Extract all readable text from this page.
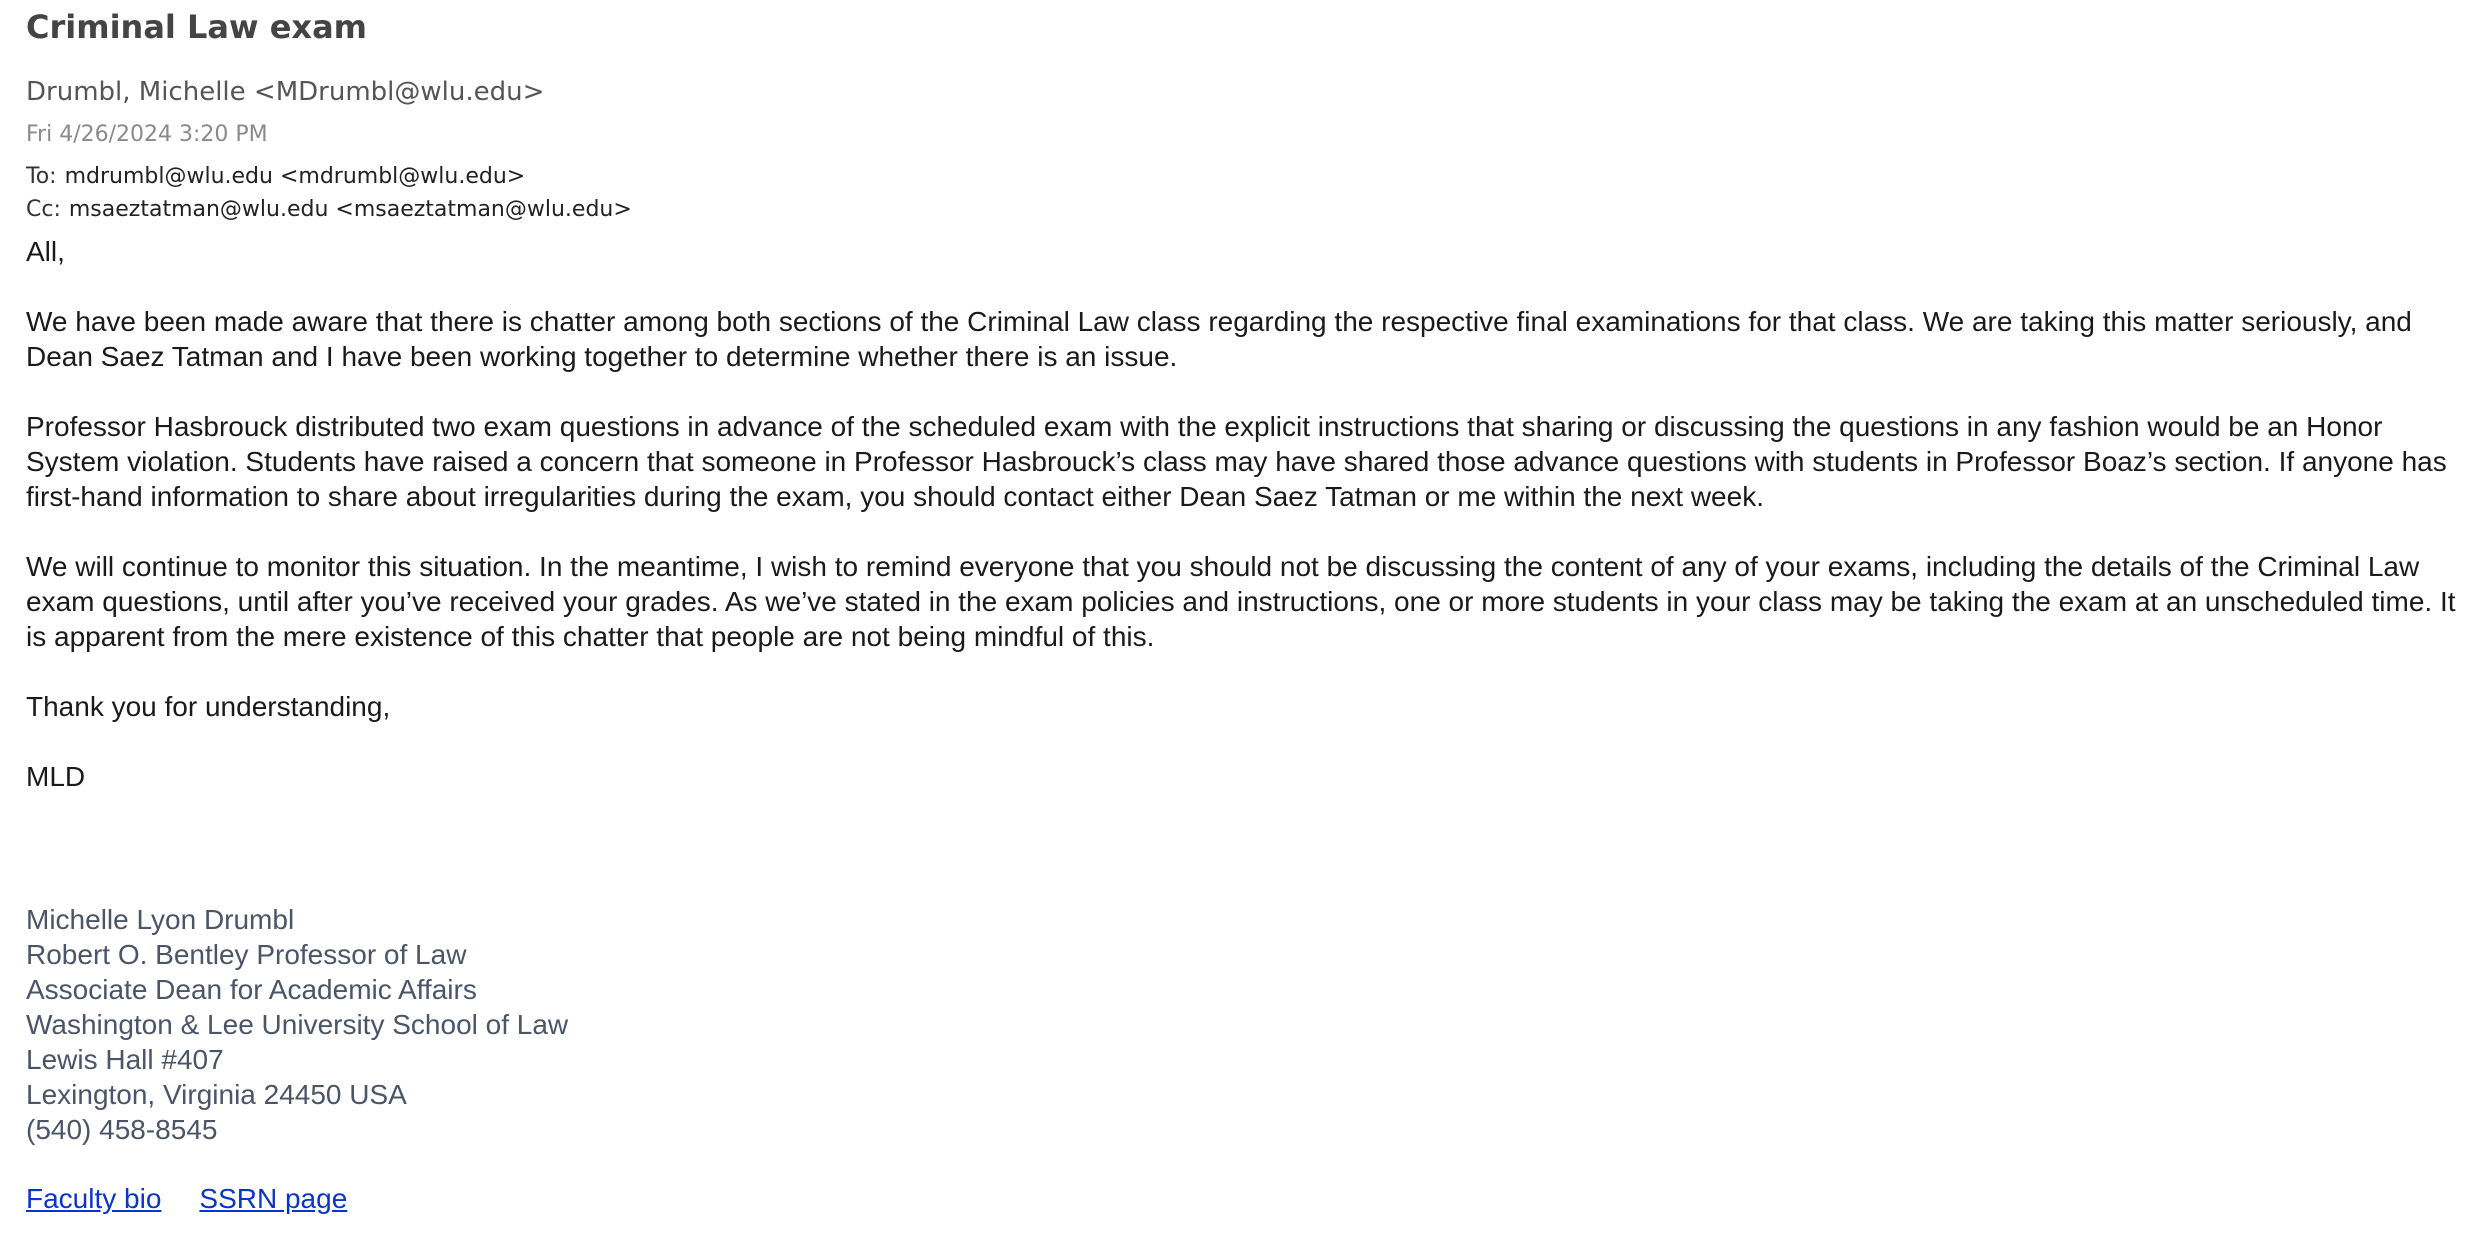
Criminal Law exam
Drumbl, Michelle <MDrumbl@wlu.edu>
Fri 4/26/2024 3:20 PM
To: mdrumbl@wlu.edu <mdrumbl@wlu.edu>
Cc: msaeztatman@wlu.edu <msaeztatman@wlu.edu>

All,

We have been made aware that there is chatter among both sections of the Criminal Law class regarding the respective final examinations for that class. We are taking this matter seriously, and Dean Saez Tatman and I have been working together to determine whether there is an issue.

Professor Hasbrouck distributed two exam questions in advance of the scheduled exam with the explicit instructions that sharing or discussing the questions in any fashion would be an Honor System violation. Students have raised a concern that someone in Professor Hasbrouck’s class may have shared those advance questions with students in Professor Boaz’s section. If anyone has first-hand information to share about irregularities during the exam, you should contact either Dean Saez Tatman or me within the next week.

We will continue to monitor this situation. In the meantime, I wish to remind everyone that you should not be discussing the content of any of your exams, including the details of the Criminal Law exam questions, until after you’ve received your grades. As we’ve stated in the exam policies and instructions, one or more students in your class may be taking the exam at an unscheduled time. It is apparent from the mere existence of this chatter that people are not being mindful of this.

Thank you for understanding,

MLD

Michelle Lyon Drumbl
Robert O. Bentley Professor of Law
Associate Dean for Academic Affairs
Washington & Lee University School of Law
Lewis Hall #407
Lexington, Virginia 24450 USA
(540) 458-8545
Faculty bio SSRN page
